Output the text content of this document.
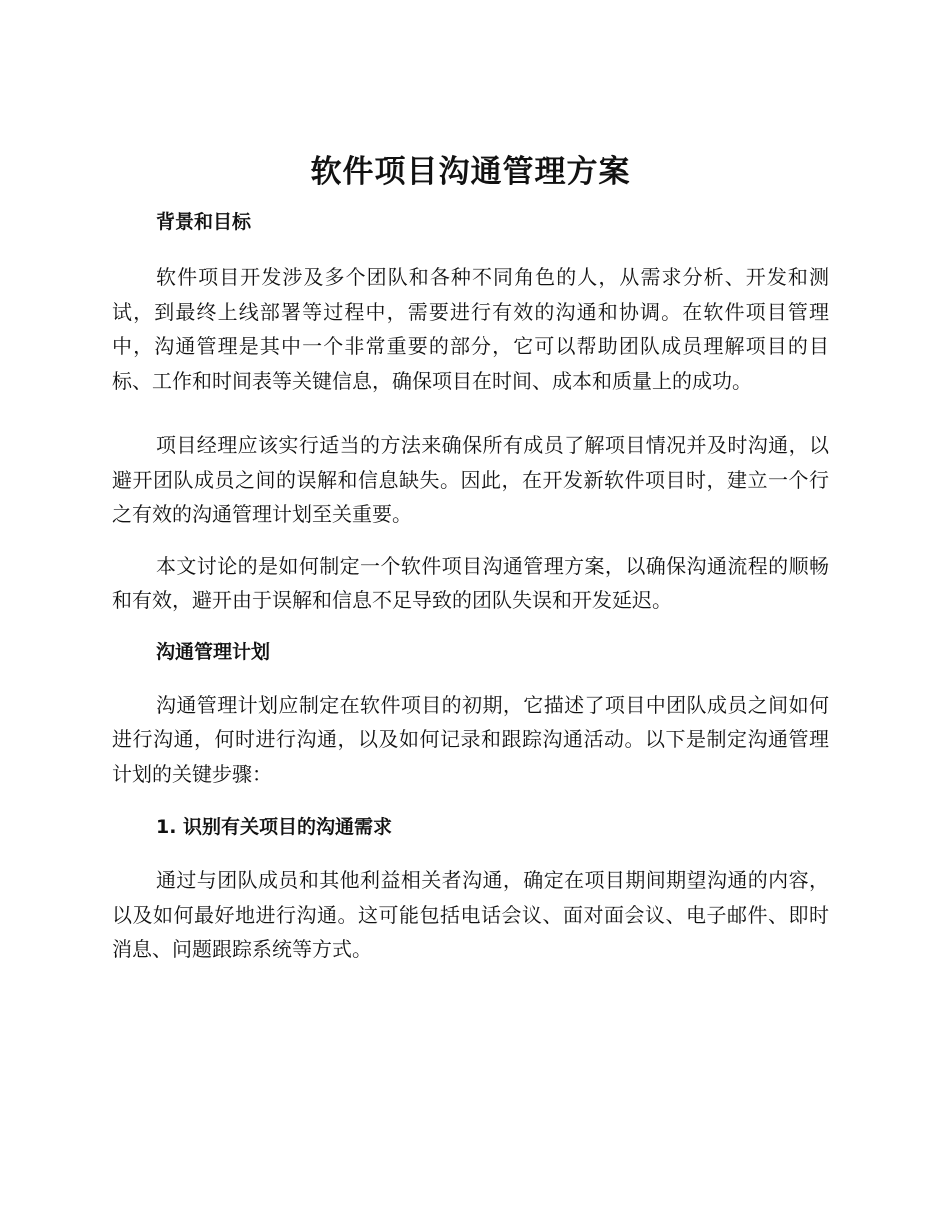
软件项目沟通管理方案

背景和目标

软件项目开发涉及多个团队和各种不同角色的人，从需求分析、开发和测试，到最终上线部署等过程中，需要进行有效的沟通和协调。在软件项目管理中，沟通管理是其中一个非常重要的部分，它可以帮助团队成员理解项目的目标、工作和时间表等关键信息，确保项目在时间、成本和质量上的成功。

项目经理应该实行适当的方法来确保所有成员了解项目情况并及时沟通，以避开团队成员之间的误解和信息缺失。因此，在开发新软件项目时，建立一个行之有效的沟通管理计划至关重要。

本文讨论的是如何制定一个软件项目沟通管理方案，以确保沟通流程的顺畅和有效，避开由于误解和信息不足导致的团队失误和开发延迟。

沟通管理计划

沟通管理计划应制定在软件项目的初期，它描述了项目中团队成员之间如何进行沟通，何时进行沟通，以及如何记录和跟踪沟通活动。以下是制定沟通管理计划的关键步骤：

1. 识别有关项目的沟通需求

通过与团队成员和其他利益相关者沟通，确定在项目期间期望沟通的内容，以及如何最好地进行沟通。这可能包括电话会议、面对面会议、电子邮件、即时消息、问题跟踪系统等方式。
